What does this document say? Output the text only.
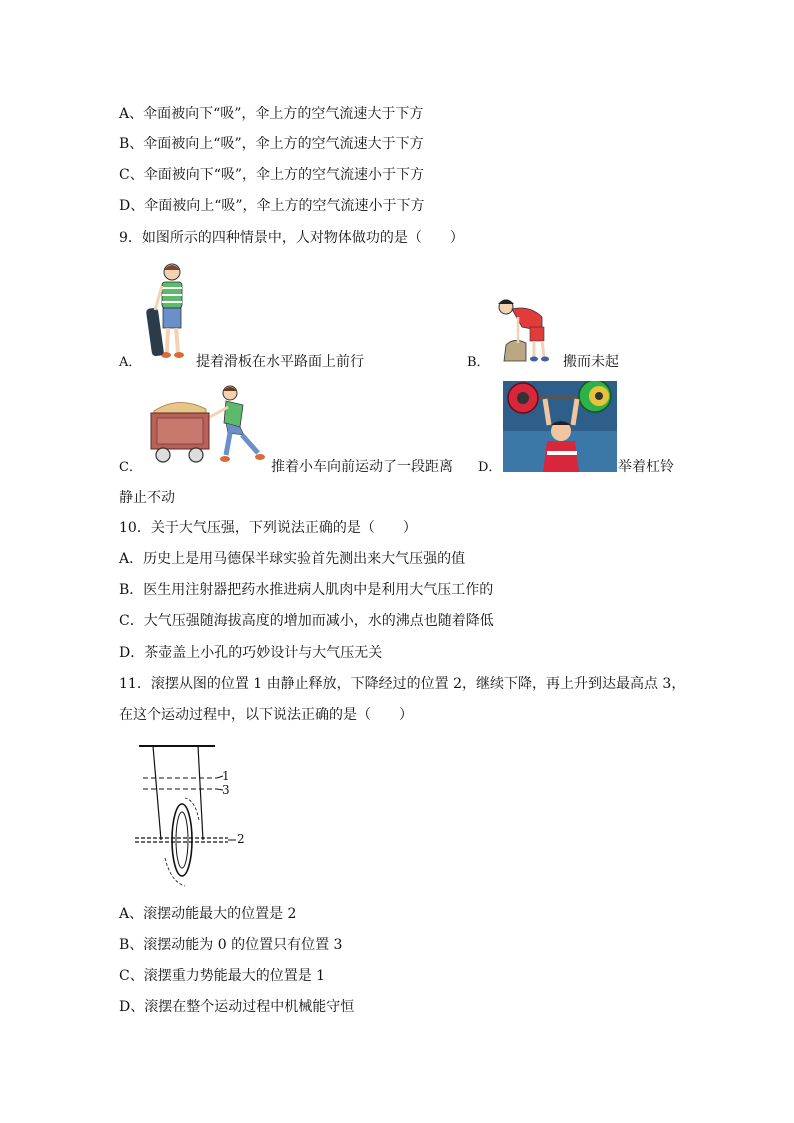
A、伞面被向下“吸”，伞上方的空气流速大于下方
B、伞面被向上“吸”，伞上方的空气流速大于下方
C、伞面被向下“吸”，伞上方的空气流速小于下方
D、伞面被向上“吸”，伞上方的空气流速小于下方
9．如图所示的四种情景中，人对物体做功的是（　　）
A．	提着滑板在水平路面上前行	B．	搬而未起
C．	推着小车向前运动了一段距离 D．	举着杠铃
静止不动
10．关于大气压强，下列说法正确的是（　　）
A．历史上是用马德保半球实验首先测出来大气压强的值
B．医生用注射器把药水推进病人肌肉中是利用大气压工作的
C．大气压强随海拔高度的增加而减小，水的沸点也随着降低
D．茶壶盖上小孔的巧妙设计与大气压无关
11．滚摆从图的位置 1 由静止释放，下降经过的位置 2，继续下降，再上升到达最高点 3，
在这个运动过程中，以下说法正确的是（　　）
1
3
2
A、滚摆动能最大的位置是 2
B、滚摆动能为 0 的位置只有位置 3
C、滚摆重力势能最大的位置是 1
D、滚摆在整个运动过程中机械能守恒
